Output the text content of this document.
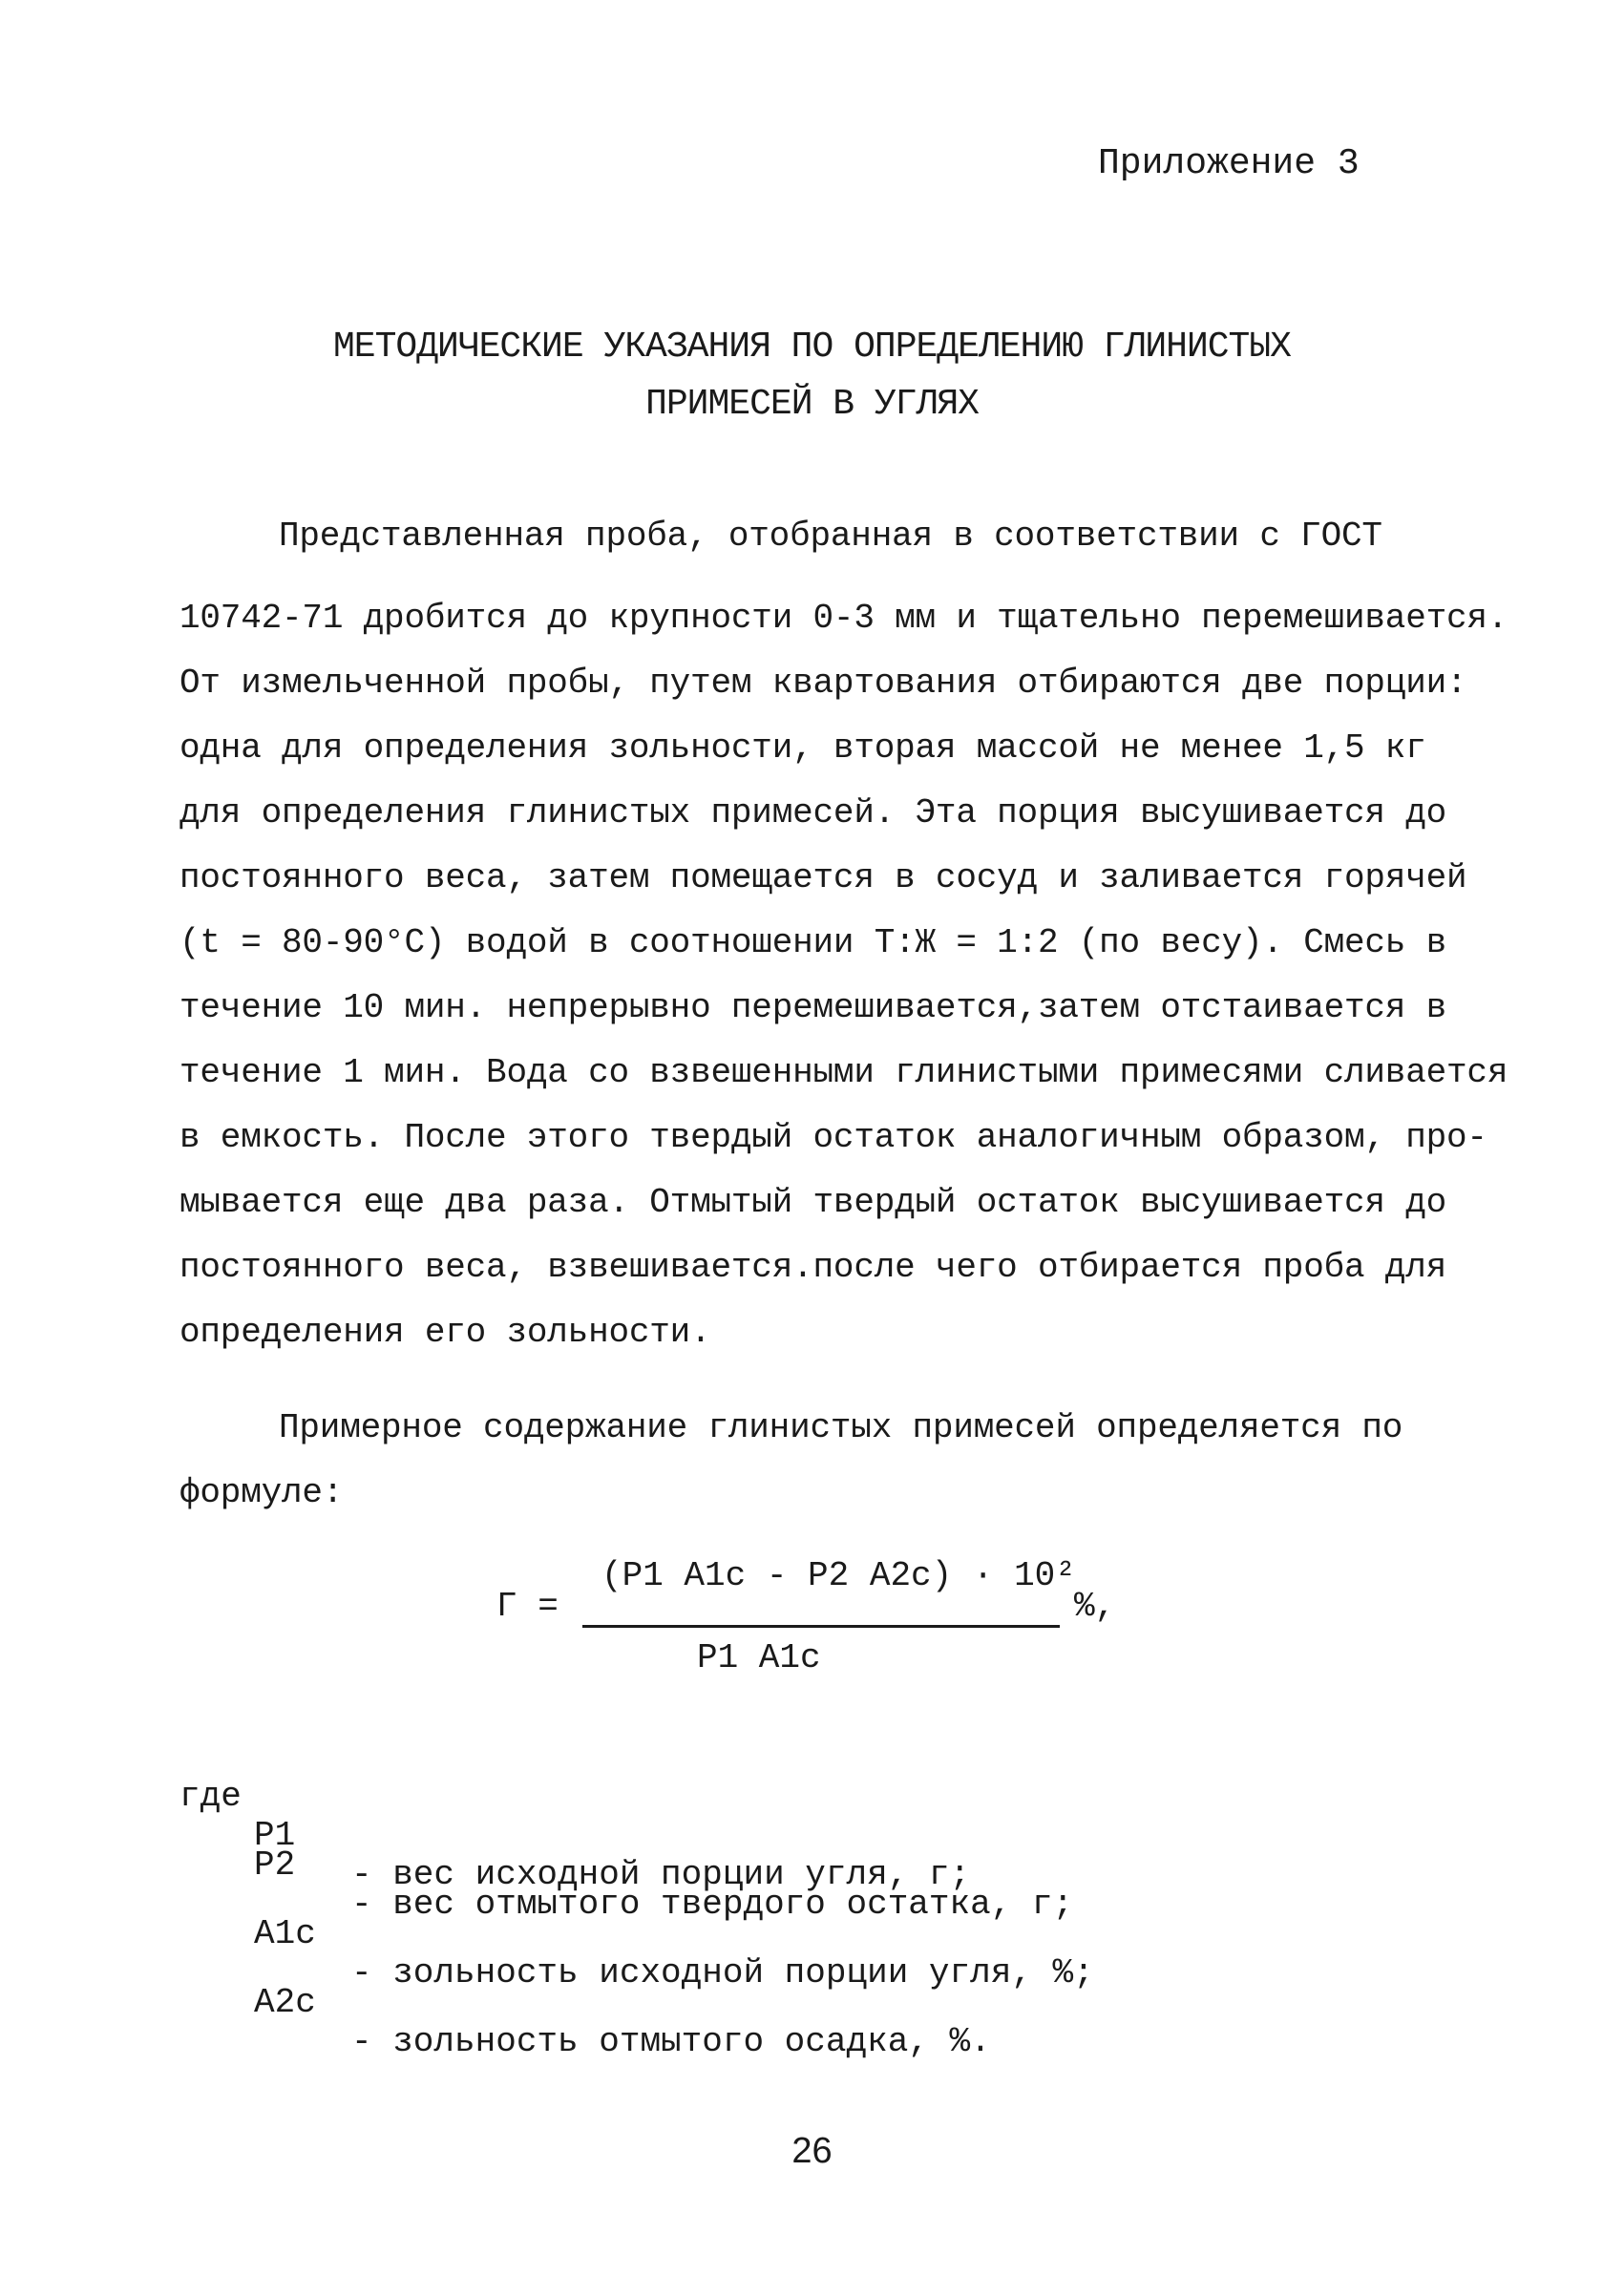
Приложение 3
МЕТОДИЧЕСКИЕ УКАЗАНИЯ ПО ОПРЕДЕЛЕНИЮ ГЛИНИСТЫХ
ПРИМЕСЕЙ В УГЛЯХ
Представленная проба, отобранная в соответствии с ГОСТ
10742-71 дробится до крупности 0-3 мм и тщательно перемешивается.
От измельченной пробы, путем квартования отбираются две порции:
одна для определения зольности, вторая массой не менее 1,5 кг
для определения глинистых примесей. Эта порция высушивается до
постоянного веса, затем помещается в сосуд и заливается горячей
(t = 80-90°C) водой в соотношении Т:Ж = 1:2 (по весу). Смесь в
течение 10 мин. непрерывно перемешивается,затем отстаивается в
течение 1 мин. Вода со взвешенными глинистыми примесями сливается
в емкость. После этого твердый остаток аналогичным образом, про-
мывается еще два раза. Отмытый твердый остаток высушивается до
постоянного веса, взвешивается.после чего отбирается проба для
определения его зольности.
Примерное содержание глинистых примесей определяется по
формуле:
Г =
(P1 A1c - P2 A2c) · 10²
P1 A1c
%,

где

P1

- вес исходной порции угля, г;

P2

- вес отмытого твердого остатка, г;

A1c

- зольность исходной порции угля, %;

A2c

- зольность отмытого осадка, %.

26
